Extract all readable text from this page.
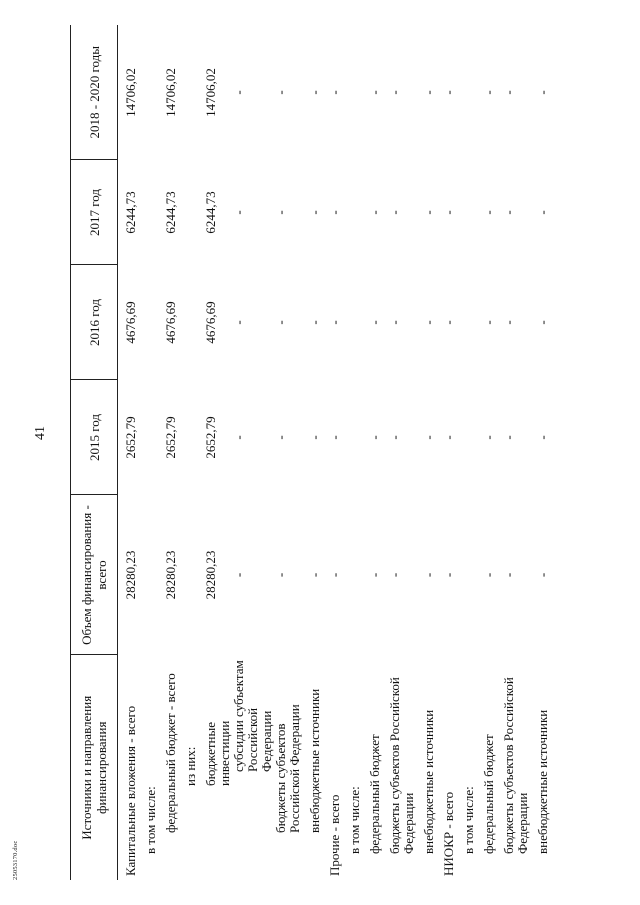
41
25053170.doc
Источники и направления финансирования	Объем финансирования - всего	2015 год	2016 год	2017 год	2018 - 2020 годы

Капитальные вложения - всего	28280,23	2652,79	4676,69	6244,73	14706,02

в том числе:					

федеральный бюджет - всего	28280,23	2652,79	4676,69	6244,73	14706,02

из них:					

бюджетные инвестиции	28280,23	2652,79	4676,69	6244,73	14706,02

субсидии субъектам Российской Федерации	-	-	-	-	-

бюджеты субъектов Российской Федерации	-	-	-	-	-

внебюджетные источники	-	-	-	-	-

Прочие - всего	-	-	-	-	-

в том числе:					

федеральный бюджет	-	-	-	-	-

бюджеты субъектов Российской Федерации	-	-	-	-	-

внебюджетные источники	-	-	-	-	-

НИОКР - всего	-	-	-	-	-

в том числе:					

федеральный бюджет	-	-	-	-	-

бюджеты субъектов Российской Федерации	-	-	-	-	-

внебюджетные источники	-	-	-	-	-
